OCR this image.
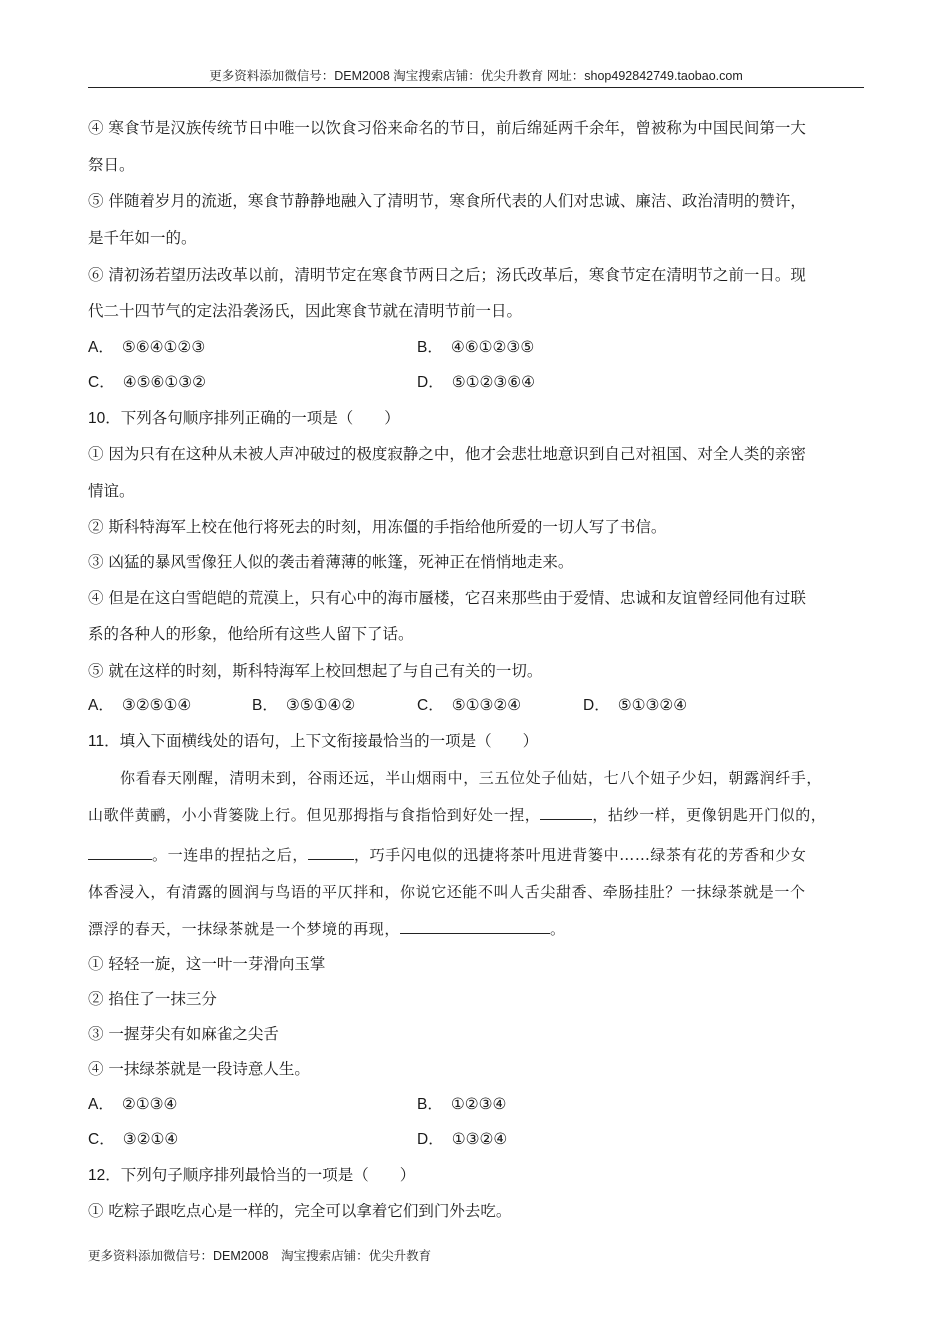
更多资料添加微信号：DEM2008 淘宝搜索店铺：优尖升教育 网址：shop492842749.taobao.com
④ 寒食节是汉族传统节日中唯一以饮食习俗来命名的节日，前后绵延两千余年，曾被称为中国民间第一大
祭日。
⑤ 伴随着岁月的流逝，寒食节静静地融入了清明节，寒食所代表的人们对忠诚、廉洁、政治清明的赞许，
是千年如一的。
⑥ 清初汤若望历法改革以前，清明节定在寒食节两日之后；汤氏改革后，寒食节定在清明节之前一日。现
代二十四节气的定法沿袭汤氏，因此寒食节就在清明节前一日。
A． ⑤⑥④①②③	B． ④⑥①②③⑤
C． ④⑤⑥①③②	D． ⑤①②③⑥④
10．下列各句顺序排列正确的一项是（　　）
① 因为只有在这种从未被人声冲破过的极度寂静之中，他才会悲壮地意识到自己对祖国、对全人类的亲密
情谊。
② 斯科特海军上校在他行将死去的时刻，用冻僵的手指给他所爱的一切人写了书信。
③ 凶猛的暴风雪像狂人似的袭击着薄薄的帐篷，死神正在悄悄地走来。
④ 但是在这白雪皑皑的荒漠上，只有心中的海市蜃楼，它召来那些由于爱情、忠诚和友谊曾经同他有过联
系的各种人的形象，他给所有这些人留下了话。
⑤ 就在这样的时刻，斯科特海军上校回想起了与自己有关的一切。
A． ③②⑤①④	B． ③⑤①④②	C． ⑤①③②④	D． ⑤①③②④
11．填入下面横线处的语句，上下文衔接最恰当的一项是（　　）
你看春天刚醒，清明未到，谷雨还远，半山烟雨中，三五位处子仙姑，七八个妞子少妇，朝露润纤手，
山歌伴黄鹂，小小背篓陇上行。但见那拇指与食指恰到好处一捏，	，拈纱一样，更像钥匙开门似的，
。一连串的捏拈之后，	，巧手闪电似的迅捷将茶叶甩进背篓中……绿茶有花的芳香和少女
体香浸入，有清露的圆润与鸟语的平仄拌和，你说它还能不叫人舌尖甜香、牵肠挂肚？一抹绿茶就是一个
漂浮的春天，一抹绿茶就是一个梦境的再现，	。
① 轻轻一旋，这一叶一芽滑向玉掌
② 掐住了一抹三分
③ 一握芽尖有如麻雀之尖舌
④ 一抹绿茶就是一段诗意人生。
A． ②①③④	B． ①②③④
C． ③②①④	D． ①③②④
12．下列句子顺序排列最恰当的一项是（　　）
① 吃粽子跟吃点心是一样的，完全可以拿着它们到门外去吃。
更多资料添加微信号：DEM2008　淘宝搜索店铺：优尖升教育
